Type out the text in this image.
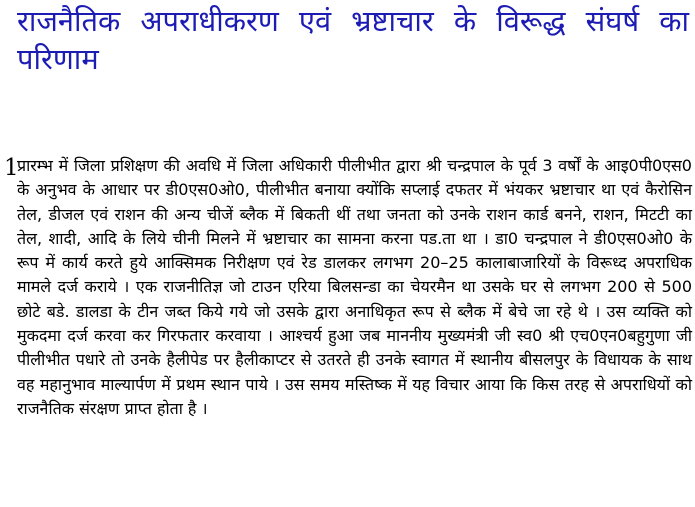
राजनैतिक अपराधीकरण एवं भ्रष्टाचार के विरूद्ध संघर्ष का परिणाम
1

प्रारम्भ में जिला प्रशिक्षण की अवधि में जिला अधिकारी पीलीभीत द्वारा श्री चन्द्रपाल के पूर्व 3 वर्षों के आइ0पी0एस0 के अनुभव के आधार पर डी0एस0ओ0, पीलीभीत बनाया क्योंकि सप्लाई दफतर में भंयकर भ्रष्टाचार था एवं कैरोसिन तेल, डीजल एवं राशन की अन्य चीजें ब्लैक में बिकती थीं तथा जनता को उनके राशन कार्ड बनने, राशन, मिटटी का तेल, शादी, आदि के लिये चीनी मिलने में भ्रष्टाचार का सामना करना पड.ता था । डा0 चन्द्रपाल ने डी0एस0ओ0 के रूप में कार्य करते हुये आक्सिमक निरीक्षण एवं रेड डालकर लगभग 20–25 कालाबाजारियों के विरूध्द अपराधिक मामले दर्ज कराये । एक राजनीतिज्ञ जो टाउन एरिया बिलसन्डा का चेयरमैन था उसके घर से लगभग 200 से 500 छोटे बडे. डालडा के टीन जब्त किये गये जो उसके द्वारा अनाधिकृत रूप से ब्लैक में बेचे जा रहे थे । उस व्यक्ति को मुकदमा दर्ज करवा कर गिरफतार करवाया । आश्चर्य हुआ जब माननीय मुख्यमंत्री जी स्व0 श्री एच0एन0बहुगुणा जी पीलीभीत पधारे तो उनके हैलीपेड पर हैलीकाप्टर से उतरते ही उनके स्वागत में स्थानीय बीसलपुर के विधायक के साथ वह महानुभाव माल्यार्पण में प्रथम स्थान पाये । उस समय मस्तिष्क में यह विचार आया कि किस तरह से अपराधियों को राजनैतिक संरक्षण प्राप्त होता है ।
